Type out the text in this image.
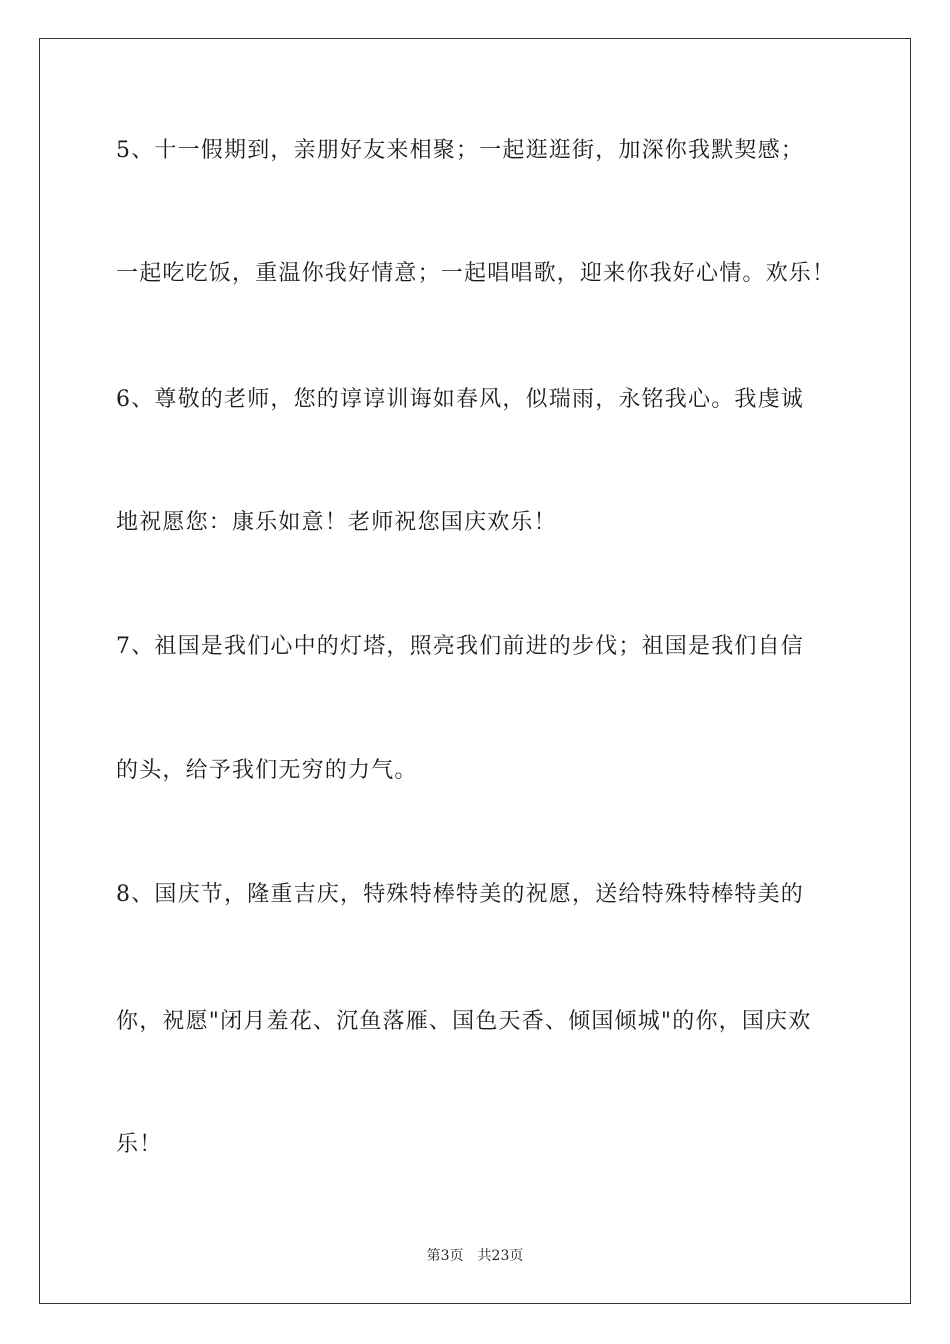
5、十一假期到，亲朋好友来相聚；一起逛逛街，加深你我默契感；
一起吃吃饭，重温你我好情意；一起唱唱歌，迎来你我好心情。欢乐！
6、尊敬的老师，您的谆谆训诲如春风，似瑞雨，永铭我心。我虔诚
地祝愿您：康乐如意！老师祝您国庆欢乐！
7、祖国是我们心中的灯塔，照亮我们前进的步伐；祖国是我们自信
的头，给予我们无穷的力气。
8、国庆节，隆重吉庆，特殊特棒特美的祝愿，送给特殊特棒特美的
你，祝愿"闭月羞花、沉鱼落雁、国色天香、倾国倾城"的你，国庆欢
乐！
第3页 共23页
